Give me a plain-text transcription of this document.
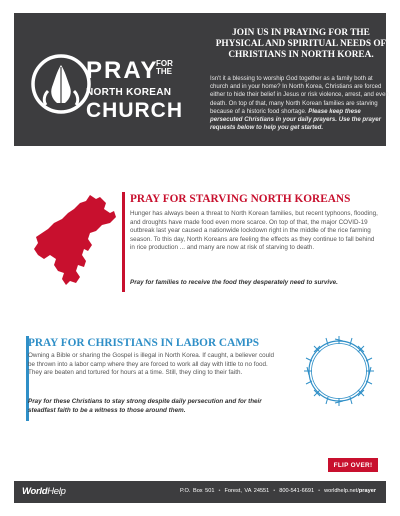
PRAY
FOR THE
NORTH KOREAN
CHURCH
JOIN US IN PRAYING FOR THE PHYSICAL AND SPIRITUAL NEEDS OF CHRISTIANS IN NORTH KOREA.
Isn't it a blessing to worship God together as a family both at church and in your home? In North Korea, Christians are forced either to hide their belief in Jesus or risk violence, arrest, and even death. On top of that, many North Korean families are starving because of a historic food shortage. Please keep these persecuted Christians in your daily prayers. Use the prayer requests below to help you get started.
PRAY FOR STARVING NORTH KOREANS
Hunger has always been a threat to North Korean families, but recent typhoons, flooding, and droughts have made food even more scarce. On top of that, the major COVID-19 outbreak last year caused a nationwide lockdown right in the middle of the rice farming season. To this day, North Koreans are feeling the effects as they continue to fall behind in rice production ... and many are now at risk of starving to death.
Pray for families to receive the food they desperately need to survive.
PRAY FOR CHRISTIANS IN LABOR CAMPS
Owning a Bible or sharing the Gospel is illegal in North Korea. If caught, a believer could be thrown into a labor camp where they are forced to work all day with little to no food. They are beaten and tortured for hours at a time. Still, they cling to their faith.
Pray for these Christians to stay strong despite daily persecution and for their steadfast faith to be a witness to those around them.
FLIP OVER!
WorldHelp	P.O. Box 501 • Forest, VA 24551 • 800-541-6691 • worldhelp.net/prayer
